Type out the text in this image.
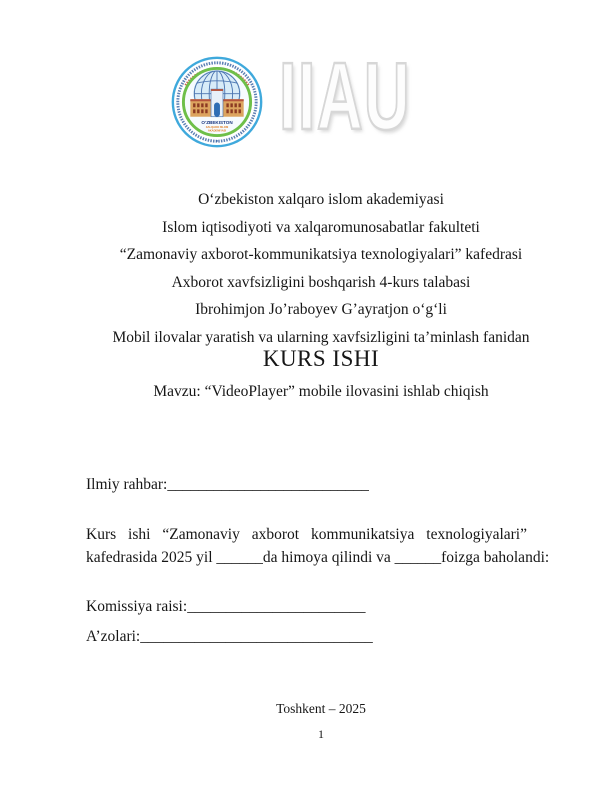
O‘ZBEKISTON
XALQARO ISLOM
AKADEMIYASI IIAU
O‘zbekiston xalqaro islom akademiyasi
Islom iqtisodiyoti va xalqaromunosabatlar fakulteti
“Zamonaviy axborot-kommunikatsiya texnologiyalari” kafedrasi
Axborot xavfsizligini boshqarish 4-kurs talabasi
Ibrohimjon Jo’raboyev G’ayratjon o‘g‘li
Mobil ilovalar yaratish va ularning xavfsizligini ta’minlash fanidan
KURS ISHI
Mavzu: “VideoPlayer” mobile ilovasini ishlab chiqish
Ilmiy rahbar:__________________________
Kurs ishi “Zamonaviy axborot kommunikatsiya texnologiyalari”
kafedrasida 2025 yil ______da himoya qilindi va ______foizga baholandi:
Komissiya raisi:_______________________
A’zolari:______________________________
Toshkent – 2025
1
